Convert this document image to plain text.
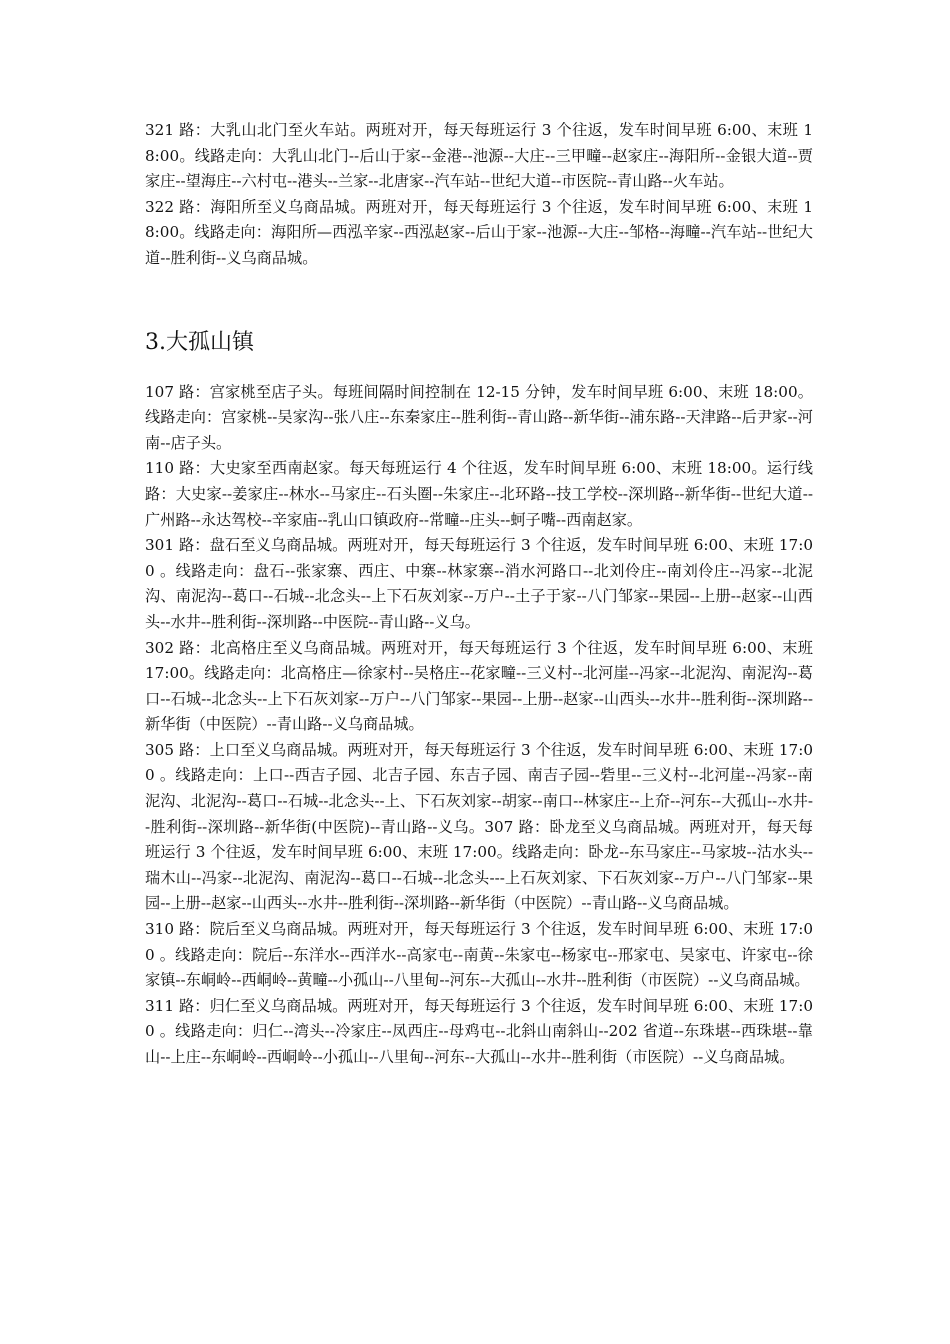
321 路：大乳山北门至火车站。两班对开，每天每班运行 3 个往返，发车时间早班 6:00、末班 18:00。线路走向：大乳山北门--后山于家--金港--池源--大庄--三甲疃--赵家庄--海阳所--金银大道--贾家庄--望海庄--六村屯--港头--兰家--北唐家--汽车站--世纪大道--市医院--青山路--火车站。

322 路：海阳所至义乌商品城。两班对开，每天每班运行 3 个往返，发车时间早班 6:00、末班 18:00。线路走向：海阳所—西泓辛家--西泓赵家--后山于家--池源--大庄--邹格--海疃--汽车站--世纪大道--胜利街--义乌商品城。

3.大孤山镇

107 路：宫家桃至店子头。每班间隔时间控制在 12-15 分钟，发车时间早班 6:00、末班 18:00。线路走向：宫家桃--吴家沟--张八庄--东秦家庄--胜利街--青山路--新华街--浦东路--天津路--后尹家--河南--店子头。

110 路：大史家至西南赵家。每天每班运行 4 个往返，发车时间早班 6:00、末班 18:00。运行线路：大史家--姜家庄--林水--马家庄--石头圈--朱家庄--北环路--技工学校--深圳路--新华街--世纪大道--广州路--永达驾校--辛家庙--乳山口镇政府--常疃--庄头--蚵子嘴--西南赵家。

301 路：盘石至义乌商品城。两班对开，每天每班运行 3 个往返，发车时间早班 6:00、末班 17:00 。线路走向：盘石--张家寨、西庄、中寨--林家寨--消水河路口--北刘伶庄--南刘伶庄--冯家--北泥沟、南泥沟--葛口--石城--北念头--上下石灰刘家--万户--土子于家--八门邹家--果园--上册--赵家--山西头--水井--胜利街--深圳路--中医院--青山路--义乌。

302 路：北高格庄至义乌商品城。两班对开，每天每班运行 3 个往返，发车时间早班 6:00、末班 17:00。线路走向：北高格庄—徐家村--吴格庄--花家疃--三义村--北河崖--冯家--北泥沟、南泥沟--葛口--石城--北念头--上下石灰刘家--万户--八门邹家--果园--上册--赵家--山西头--水井--胜利街--深圳路--新华街（中医院）--青山路--义乌商品城。

305 路：上口至义乌商品城。两班对开，每天每班运行 3 个往返，发车时间早班 6:00、末班 17:00 。线路走向：上口--西吉子园、北吉子园、东吉子园、南吉子园--砦里--三义村--北河崖--冯家--南泥沟、北泥沟--葛口--石城--北念头--上、下石灰刘家--胡家--南口--林家庄--上夼--河东--大孤山--水井--胜利街--深圳路--新华街(中医院)--青山路--义乌。307 路：卧龙至义乌商品城。两班对开，每天每班运行 3 个往返，发车时间早班 6:00、末班 17:00。线路走向：卧龙--东马家庄--马家坡--沽水头--瑞木山--冯家--北泥沟、南泥沟--葛口--石城--北念头---上石灰刘家、下石灰刘家--万户--八门邹家--果园--上册--赵家--山西头--水井--胜利街--深圳路--新华街（中医院）--青山路--义乌商品城。

310 路：院后至义乌商品城。两班对开，每天每班运行 3 个往返，发车时间早班 6:00、末班 17:00 。线路走向：院后--东洋水--西洋水--高家屯--南黄--朱家屯--杨家屯--邢家屯、吴家屯、许家屯--徐家镇--东峒岭--西峒岭--黄疃--小孤山--八里甸--河东--大孤山--水井--胜利街（市医院）--义乌商品城。

311 路：归仁至义乌商品城。两班对开，每天每班运行 3 个往返，发车时间早班 6:00、末班 17:00 。线路走向：归仁--湾头--冷家庄--凤西庄--母鸡屯--北斜山南斜山--202 省道--东珠堪--西珠堪--靠山--上庄--东峒岭--西峒岭--小孤山--八里甸--河东--大孤山--水井--胜利街（市医院）--义乌商品城。
